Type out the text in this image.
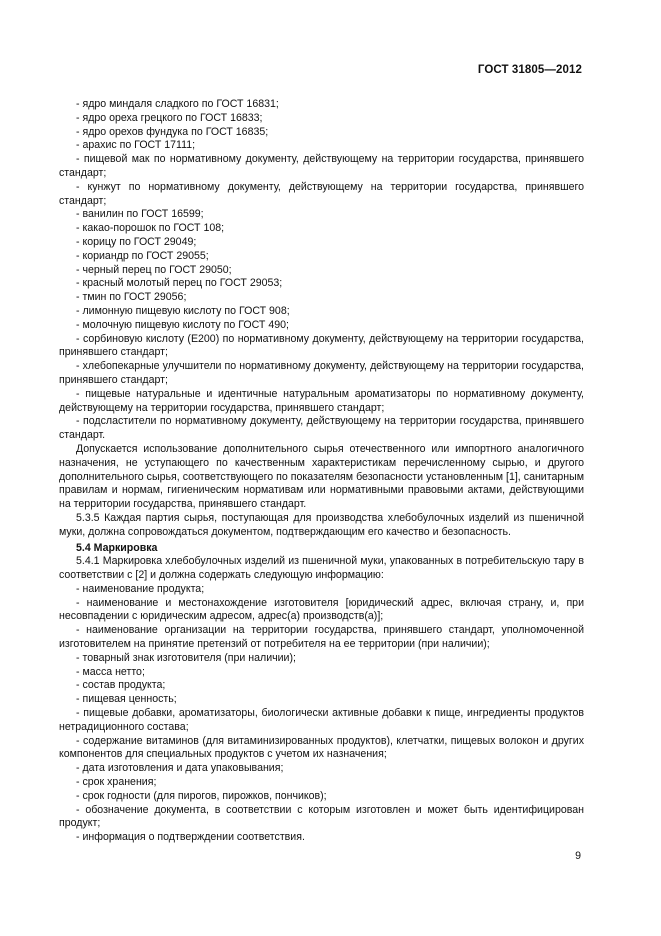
ГОСТ 31805—2012

- ядро миндаля сладкого по ГОСТ 16831;

- ядро ореха грецкого по ГОСТ 16833;

- ядро орехов фундука по ГОСТ 16835;

- арахис по ГОСТ 17111;

- пищевой мак по нормативному документу, действующему на территории государства, принявшего стандарт;

- кунжут по нормативному документу, действующему на территории государства, принявшего стандарт;

- ванилин по ГОСТ 16599;

- какао-порошок по ГОСТ 108;

- корицу по ГОСТ 29049;

- кориандр по ГОСТ 29055;

- черный перец по ГОСТ 29050;

- красный молотый перец по ГОСТ 29053;

- тмин по ГОСТ 29056;

- лимонную пищевую кислоту по ГОСТ 908;

- молочную пищевую кислоту по ГОСТ 490;

- сорбиновую кислоту (Е200) по нормативному документу, действующему на территории государства, принявшего стандарт;

- хлебопекарные улучшители по нормативному документу, действующему на территории государства, принявшего стандарт;

- пищевые натуральные и идентичные натуральным ароматизаторы по нормативному документу, действующему на территории государства, принявшего стандарт;

- подсластители по нормативному документу, действующему на территории государства, принявшего стандарт.

Допускается использование дополнительного сырья отечественного или импортного аналогичного назначения, не уступающего по качественным характеристикам перечисленному сырью, и другого дополнительного сырья, соответствующего по показателям безопасности установленным [1], санитарным правилам и нормам, гигиеническим нормативам или нормативными правовыми актами, действующими на территории государства, принявшего стандарт.

5.3.5 Каждая партия сырья, поступающая для производства хлебобулочных изделий из пшеничной муки, должна сопровождаться документом, подтверждающим его качество и безопасность.

5.4 Маркировка

5.4.1 Маркировка хлебобулочных изделий из пшеничной муки, упакованных в потребительскую тару в соответствии с [2] и должна содержать следующую информацию:

- наименование продукта;

- наименование и местонахождение изготовителя [юридический адрес, включая страну, и, при несовпадении с юридическим адресом, адрес(а) производств(а)];

- наименование организации на территории государства, принявшего стандарт, уполномоченной изготовителем на принятие претензий от потребителя на ее территории (при наличии);

- товарный знак изготовителя (при наличии);

- масса нетто;

- состав продукта;

- пищевая ценность;

- пищевые добавки, ароматизаторы, биологически активные добавки к пище, ингредиенты продуктов нетрадиционного состава;

- содержание витаминов (для витаминизированных продуктов), клетчатки, пищевых волокон и других компонентов для специальных продуктов с учетом их назначения;

- дата изготовления и дата упаковывания;

- срок хранения;

- срок годности (для пирогов, пирожков, пончиков);

- обозначение документа, в соответствии с которым изготовлен и может быть идентифицирован продукт;

- информация о подтверждении соответствия.

9
